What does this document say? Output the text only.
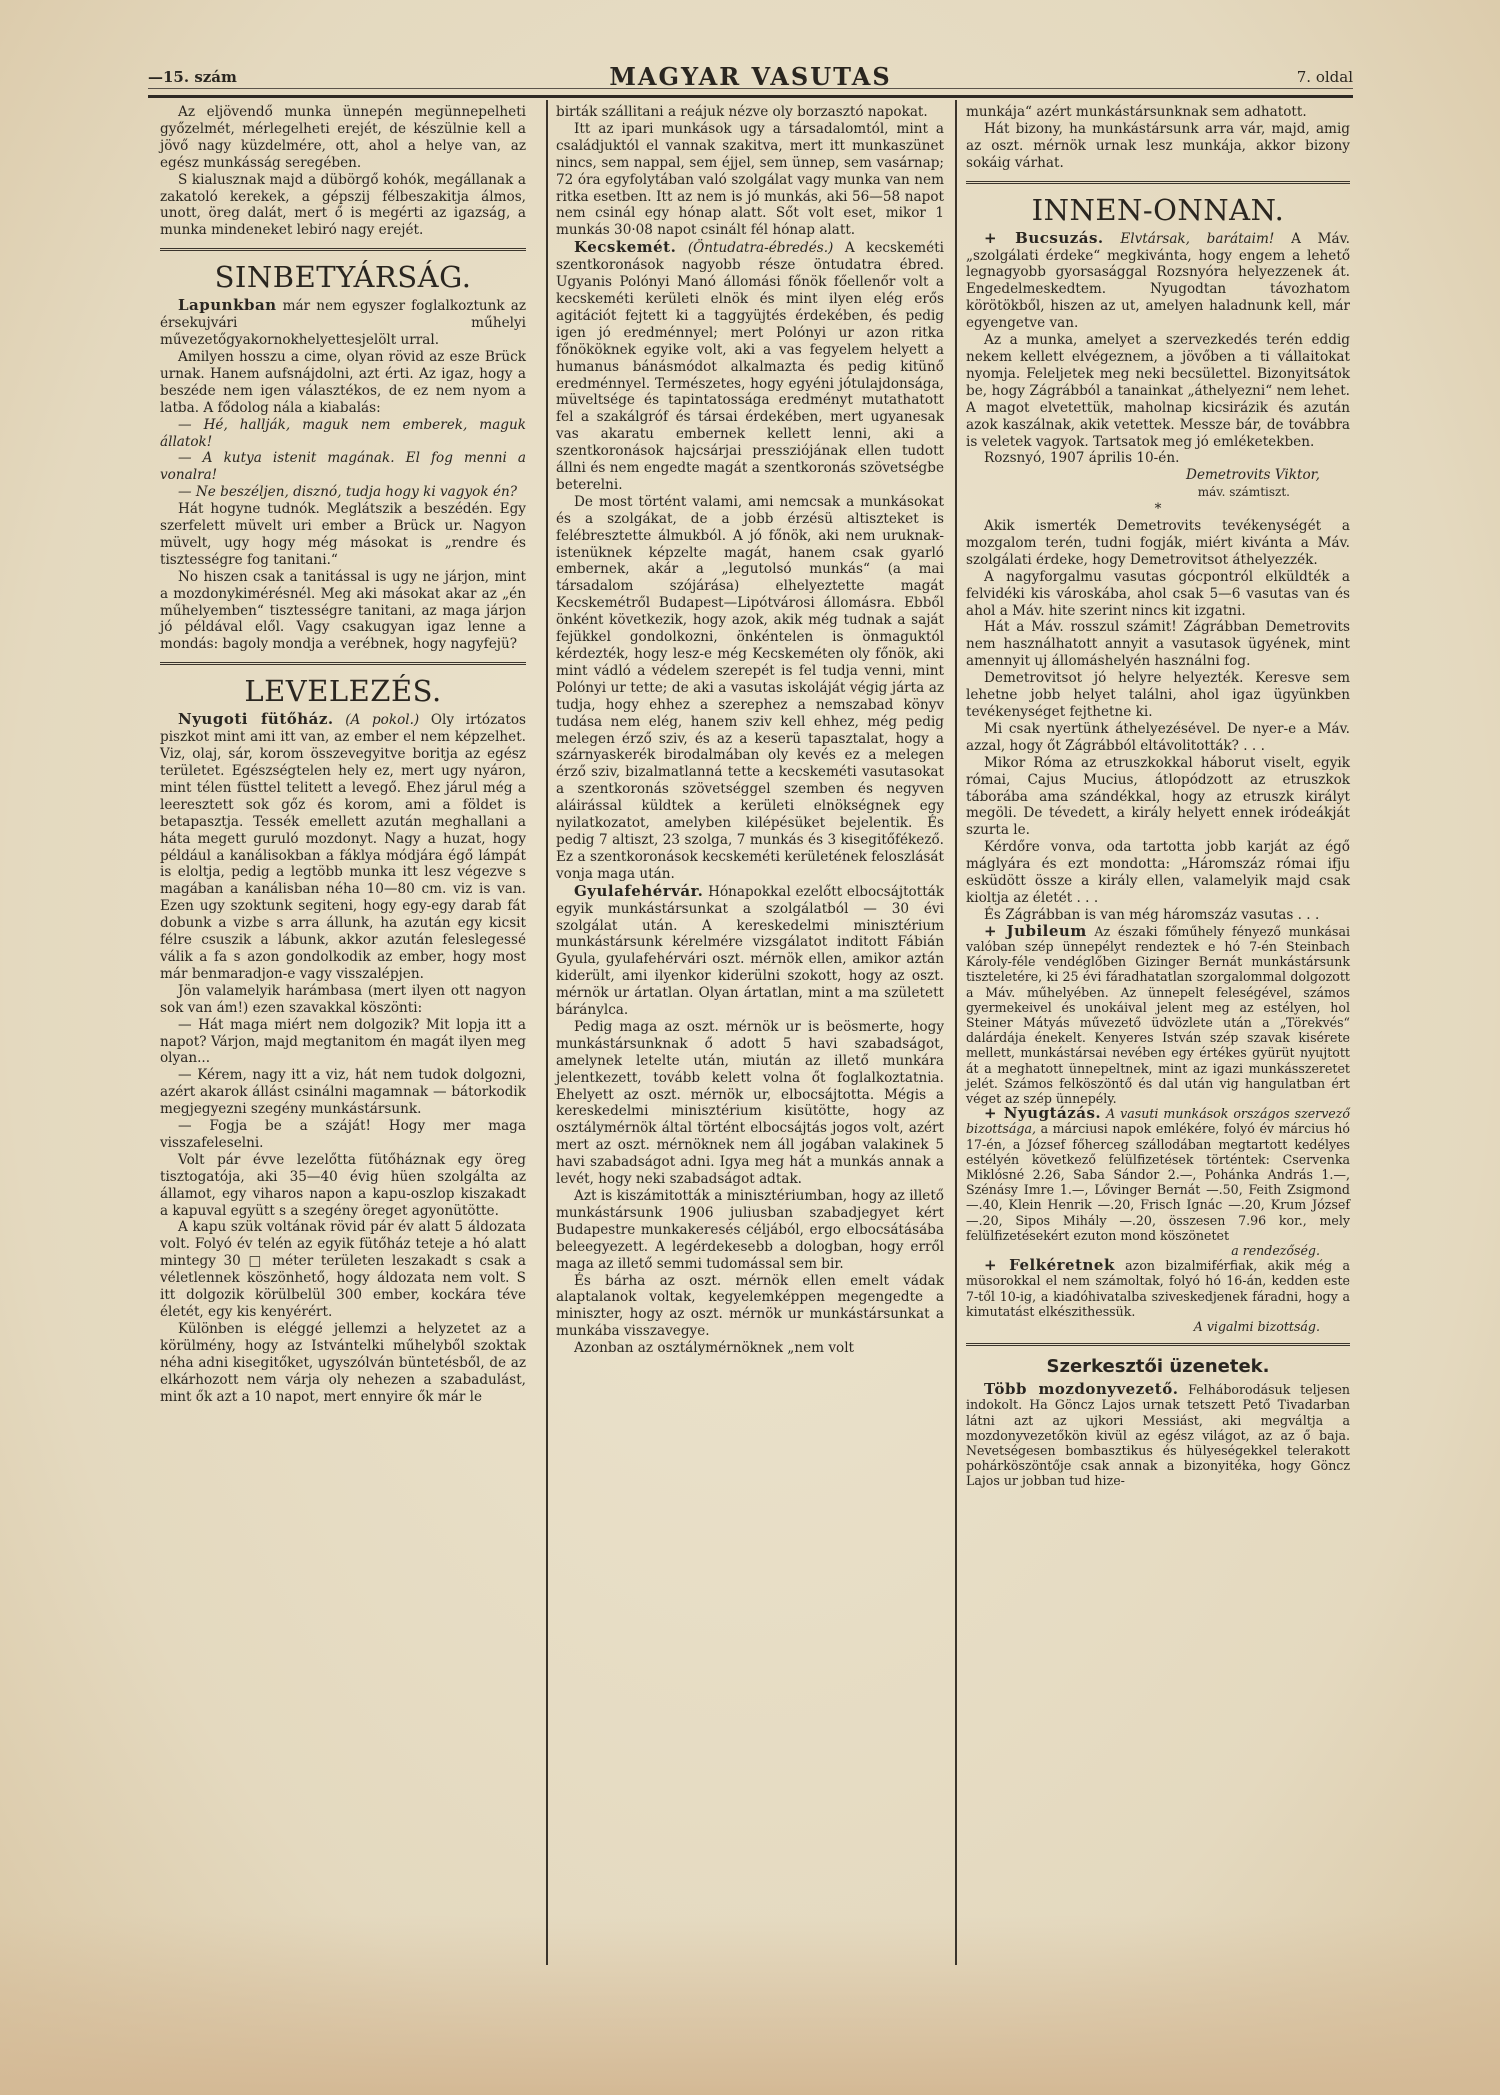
—15. szám	MAGYAR VASUTAS	7. oldal

Az eljövendő munka ünnepén megünnepelheti győzelmét, mérlegelheti erejét, de készülnie kell a jövő nagy küzdelmére, ott, ahol a helye van, az egész munkásság seregében.

S kialusznak majd a dübörgő kohók, megállanak a zakatoló kerekek, a gépszij félbeszakitja álmos, unott, öreg dalát, mert ő is megérti az igazság, a munka mindeneket lebiró nagy erejét.

SINBETYÁRSÁG.

Lapunkban már nem egyszer foglalkoztunk az érsekujvári műhelyi művezetőgyakornokhelyettesjelölt urral.

Amilyen hosszu a cime, olyan rövid az esze Brück urnak. Hanem aufsnájdolni, azt érti. Az igaz, hogy a beszéde nem igen választékos, de ez nem nyom a latba. A fődolog nála a kiabalás:

— Hé, hallják, maguk nem emberek, maguk állatok!

— A kutya istenit magának. El fog menni a vonalra!

— Ne beszéljen, disznó, tudja hogy ki vagyok én?

Hát hogyne tudnók. Meglátszik a beszédén. Egy szerfelett müvelt uri ember a Brück ur. Nagyon müvelt, ugy hogy még másokat is „rendre és tisztességre fog tanitani.“

No hiszen csak a tanitással is ugy ne járjon, mint a mozdonykimérésnél. Meg aki másokat akar az „én műhelyemben“ tisztességre tanitani, az maga járjon jó példával elől. Vagy csakugyan igaz lenne a mondás: bagoly mondja a verébnek, hogy nagyfejü?

LEVELEZÉS.

Nyugoti fütőház. (A pokol.) Oly irtózatos piszkot mint ami itt van, az ember el nem képzelhet. Viz, olaj, sár, korom összevegyitve boritja az egész területet. Egészségtelen hely ez, mert ugy nyáron, mint télen füsttel telitett a levegő. Ehez járul még a leeresztett sok gőz és korom, ami a földet is betapasztja. Tessék emellett azután meghallani a háta megett guruló mozdonyt. Nagy a huzat, hogy például a kanálisokban a fáklya módjára égő lámpát is eloltja, pedig a legtöbb munka itt lesz végezve s magában a kanálisban néha 10—80 cm. viz is van. Ezen ugy szoktunk segiteni, hogy egy-egy darab fát dobunk a vizbe s arra állunk, ha azután egy kicsit félre csuszik a lábunk, akkor azután feleslegessé válik a fa s azon gondolkodik az ember, hogy most már benmaradjon-e vagy visszalépjen.

Jön valamelyik harámbasa (mert ilyen ott nagyon sok van ám!) ezen szavakkal köszönti:

— Hát maga miért nem dolgozik? Mit lopja itt a napot? Várjon, majd megtanitom én magát ilyen meg olyan...

— Kérem, nagy itt a viz, hát nem tudok dolgozni, azért akarok állást csinálni magamnak — bátorkodik megjegyezni szegény munkástársunk.

— Fogja be a száját! Hogy mer maga visszafeleselni.

Volt pár évve lezelőtta fütőháznak egy öreg tisztogatója, aki 35—40 évig hüen szolgálta az államot, egy viharos napon a kapu-oszlop kiszakadt a kapuval együtt s a szegény öreget agyonütötte.

A kapu szük voltának rövid pár év alatt 5 áldozata volt. Folyó év telén az egyik fütőház teteje a hó alatt mintegy 30 □ méter területen leszakadt s csak a véletlennek köszönhető, hogy áldozata nem volt. S itt dolgozik körülbelül 300 ember, kockára téve életét, egy kis kenyérért.

Különben is eléggé jellemzi a helyzetet az a körülmény, hogy az Istvántelki műhelyből szoktak néha adni kisegitőket, ugyszólván büntetésből, de az elkárhozott nem várja oly nehezen a szabadulást, mint ők azt a 10 napot, mert ennyire ők már le

birták szállitani a reájuk nézve oly borzasztó napokat.

Itt az ipari munkások ugy a társadalomtól, mint a családjuktól el vannak szakitva, mert itt munkaszünet nincs, sem nappal, sem éjjel, sem ünnep, sem vasárnap; 72 óra egyfolytában való szolgálat vagy munka van nem ritka esetben. Itt az nem is jó munkás, aki 56—58 napot nem csinál egy hónap alatt. Sőt volt eset, mikor 1 munkás 30·08 napot csinált fél hónap alatt.

Kecskemét. (Öntudatra-ébredés.) A kecskeméti szentkoronások nagyobb része öntudatra ébred. Ugyanis Polónyi Manó állomási főnök főellenőr volt a kecskeméti kerületi elnök és mint ilyen elég erős agitációt fejtett ki a taggyüjtés érdekében, és pedig igen jó eredménnyel; mert Polónyi ur azon ritka főnököknek egyike volt, aki a vas fegyelem helyett a humanus bánásmódot alkalmazta és pedig kitünő eredménnyel. Természetes, hogy egyéni jótulajdonsága, müveltsége és tapintatossága eredményt mutathatott fel a szakálgróf és társai érdekében, mert ugyanesak vas akaratu embernek kellett lenni, aki a szentkoronások hajcsárjai pressziójának ellen tudott állni és nem engedte magát a szentkoronás szövetségbe beterelni.

De most történt valami, ami nemcsak a munkásokat és a szolgákat, de a jobb érzésü altiszteket is felébresztette álmukból. A jó főnök, aki nem uruknak-istenüknek képzelte magát, hanem csak gyarló embernek, akár a „legutolsó munkás“ (a mai társadalom szójárása) elhelyeztette magát Kecskemétről Budapest—Lipótvárosi állomásra. Ebből önként következik, hogy azok, akik még tudnak a saját fejükkel gondolkozni, önkéntelen is önmaguktól kérdezték, hogy lesz-e még Kecskeméten oly főnök, aki mint vádló a védelem szerepét is fel tudja venni, mint Polónyi ur tette; de aki a vasutas iskoláját végig járta az tudja, hogy ehhez a szerephez a nemszabad könyv tudása nem elég, hanem sziv kell ehhez, még pedig melegen érző sziv, és az a keserü tapasztalat, hogy a szárnyaskerék birodalmában oly kevés ez a melegen érző sziv, bizalmatlanná tette a kecskeméti vasutasokat a szentkoronás szövetséggel szemben és negyven aláirással küldtek a kerületi elnökségnek egy nyilatkozatot, amelyben kilépésüket bejelentik. És pedig 7 altiszt, 23 szolga, 7 munkás és 3 kisegitőfékező. Ez a szentkoronások kecskeméti kerületének feloszlását vonja maga után.

Gyulafehérvár. Hónapokkal ezelőtt elbocsájtották egyik munkástársunkat a szolgálatból — 30 évi szolgálat után. A kereskedelmi minisztérium munkástársunk kérelmére vizsgálatot inditott Fábián Gyula, gyulafehérvári oszt. mérnök ellen, amikor aztán kiderült, ami ilyenkor kiderülni szokott, hogy az oszt. mérnök ur ártatlan. Olyan ártatlan, mint a ma született báránylca.

Pedig maga az oszt. mérnök ur is beösmerte, hogy munkástársunknak ő adott 5 havi szabadságot, amelynek letelte után, miután az illető munkára jelentkezett, tovább kelett volna őt foglalkoztatnia. Ehelyett az oszt. mérnök ur, elbocsájtotta. Mégis a kereskedelmi minisztérium kisütötte, hogy az osztálymérnök által történt elbocsájtás jogos volt, azért mert az oszt. mérnöknek nem áll jogában valakinek 5 havi szabadságot adni. Igya meg hát a munkás annak a levét, hogy neki szabadságot adtak.

Azt is kiszámitották a minisztériumban, hogy az illető munkástársunk 1906 juliusban szabadjegyet kért Budapestre munkakeresés céljából, ergo elbocsátásába beleegyezett. A legérdekesebb a dologban, hogy erről maga az illető semmi tudomással sem bir.

És bárha az oszt. mérnök ellen emelt vádak alaptalanok voltak, kegyelemképpen megengedte a miniszter, hogy az oszt. mérnök ur munkástársunkat a munkába visszavegye.

Azonban az osztálymérnöknek „nem volt

munkája“ azért munkástársunknak sem adhatott.

Hát bizony, ha munkástársunk arra vár, majd, amig az oszt. mérnök urnak lesz munkája, akkor bizony sokáig várhat.

INNEN-ONNAN.

+ Bucsuzás. Elvtársak, barátaim! A Máv. „szolgálati érdeke“ megkivánta, hogy engem a lehető legnagyobb gyorsasággal Rozsnyóra helyezzenek át. Engedelmeskedtem. Nyugodtan távozhatom körötökből, hiszen az ut, amelyen haladnunk kell, már egyengetve van.

Az a munka, amelyet a szervezkedés terén eddig nekem kellett elvégeznem, a jövőben a ti vállaitokat nyomja. Feleljetek meg neki becsülettel. Bizonyitsátok be, hogy Zágrábból a tanainkat „áthelyezni“ nem lehet. A magot elvetettük, maholnap kicsirázik és azután azok kaszálnak, akik vetettek. Messze bár, de továbbra is veletek vagyok. Tartsatok meg jó emléketekben.

Rozsnyó, 1907 április 10-én.

Demetrovits Viktor,

máv. számtiszt.

*

Akik ismerték Demetrovits tevékenységét a mozgalom terén, tudni fogják, miért kivánta a Máv. szolgálati érdeke, hogy Demetrovitsot áthelyezzék.

A nagyforgalmu vasutas gócpontról elküldték a felvidéki kis városkába, ahol csak 5—6 vasutas van és ahol a Máv. hite szerint nincs kit izgatni.

Hát a Máv. rosszul számit! Zágrábban Demetrovits nem használhatott annyit a vasutasok ügyének, mint amennyit uj állomáshelyén használni fog.

Demetrovitsot jó helyre helyezték. Keresve sem lehetne jobb helyet találni, ahol igaz ügyünkben tevékenységet fejthetne ki.

Mi csak nyertünk áthelyezésével. De nyer-e a Máv. azzal, hogy őt Zágrábból eltávolitották? . . .

Mikor Róma az etruszkokkal háborut viselt, egyik római, Cajus Mucius, átlopódzott az etruszkok táborába ama szándékkal, hogy az etruszk királyt megöli. De tévedett, a király helyett ennek iródeákját szurta le.

Kérdőre vonva, oda tartotta jobb karját az égő máglyára és ezt mondotta: „Háromszáz római ifju esküdött össze a király ellen, valamelyik majd csak kioltja az életét . . .

És Zágrábban is van még háromszáz vasutas . . .

+ Jubileum Az északi főműhely fényező munkásai valóban szép ünnepélyt rendeztek e hó 7-én Steinbach Károly-féle vendéglőben Gizinger Bernát munkástársunk tiszteletére, ki 25 évi fáradhatatlan szorgalommal dolgozott a Máv. műhelyében. Az ünnepelt feleségével, számos gyermekeivel és unokáival jelent meg az estélyen, hol Steiner Mátyás művezető üdvözlete után a „Törekvés“ dalárdája énekelt. Kenyeres István szép szavak kisérete mellett, munkástársai nevében egy értékes gyürüt nyujtott át a meghatott ünnepeltnek, mint az igazi munkásszeretet jelét. Számos felköszöntő és dal után vig hangulatban ért véget az szép ünnepély.

+ Nyugtázás. A vasuti munkások országos szervező bizottsága, a márciusi napok emlékére, folyó év március hó 17-én, a József főherceg szállodában megtartott kedélyes estélyén következő felülfizetések történtek: Cservenka Miklósné 2.26, Saba Sándor 2.—, Pohánka András 1.—, Szénásy Imre 1.—, Lővinger Bernát —.50, Feith Zsigmond —.40, Klein Henrik —.20, Frisch Ignác —.20, Krum József —.20, Sipos Mihály —.20, összesen 7.96 kor., mely felülfizetésekért ezuton mond köszönetet

a rendezőség.

+ Felkéretnek azon bizalmiférfiak, akik még a müsorokkal el nem számoltak, folyó hó 16-án, kedden este 7-től 10-ig, a kiadóhivatalba sziveskedjenek fáradni, hogy a kimutatást elkészithessük.

A vigalmi bizottság.

Szerkesztői üzenetek.

Több mozdonyvezető. Felháborodásuk teljesen indokolt. Ha Göncz Lajos urnak tetszett Pető Tivadarban látni azt az ujkori Messiást, aki megváltja a mozdonyvezetőkön kivül az egész világot, az az ő baja. Nevetségesen bombasztikus és hülyeségekkel telerakott pohárköszöntője csak annak a bizonyitéka, hogy Göncz Lajos ur jobban tud hize-
